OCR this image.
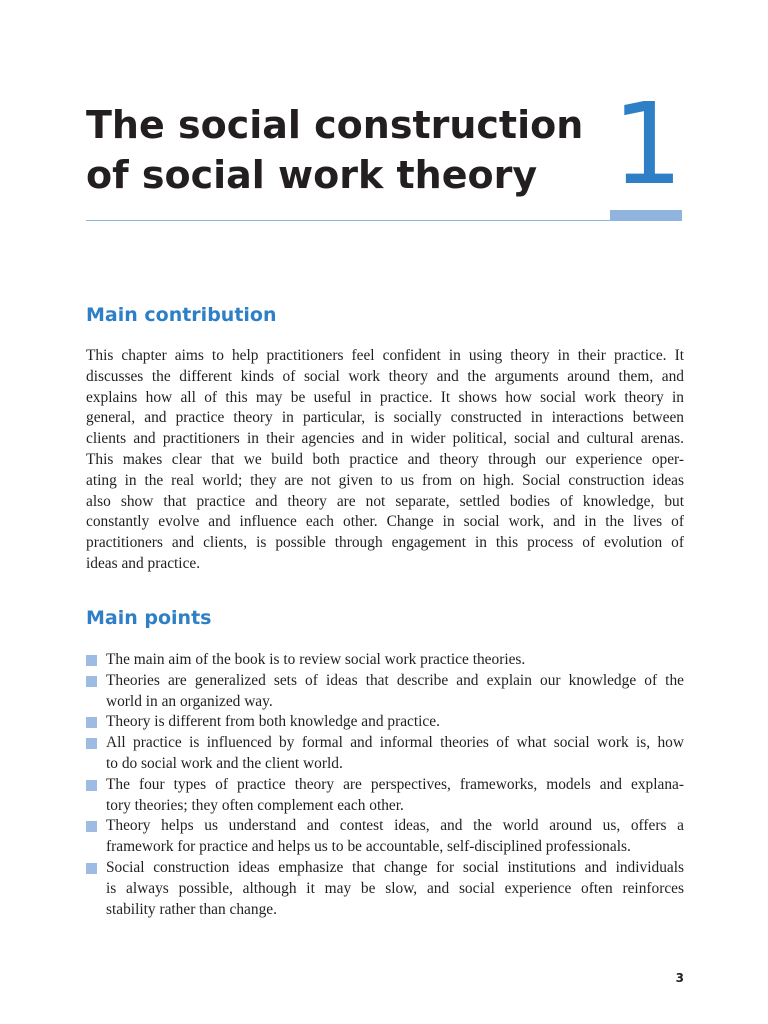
The social construction
of social work theory 1
Main contribution

This chapter aims to help practitioners feel confident in using theory in their practice. It
discusses the different kinds of social work theory and the arguments around them, and
explains how all of this may be useful in practice. It shows how social work theory in
general, and practice theory in particular, is socially constructed in interactions between
clients and practitioners in their agencies and in wider political, social and cultural arenas.
This makes clear that we build both practice and theory through our experience oper-
ating in the real world; they are not given to us from on high. Social construction ideas
also show that practice and theory are not separate, settled bodies of knowledge, but
constantly evolve and influence each other. Change in social work, and in the lives of
practitioners and clients, is possible through engagement in this process of evolution of
ideas and practice.

Main points
The main aim of the book is to review social work practice theories.
Theories are generalized sets of ideas that describe and explain our knowledge of the
world in an organized way.
Theory is different from both knowledge and practice.
All practice is influenced by formal and informal theories of what social work is, how
to do social work and the client world.
The four types of practice theory are perspectives, frameworks, models and explana-
tory theories; they often complement each other.
Theory helps us understand and contest ideas, and the world around us, offers a
framework for practice and helps us to be accountable, self-disciplined professionals.
Social construction ideas emphasize that change for social institutions and individuals
is always possible, although it may be slow, and social experience often reinforces
stability rather than change.
3
